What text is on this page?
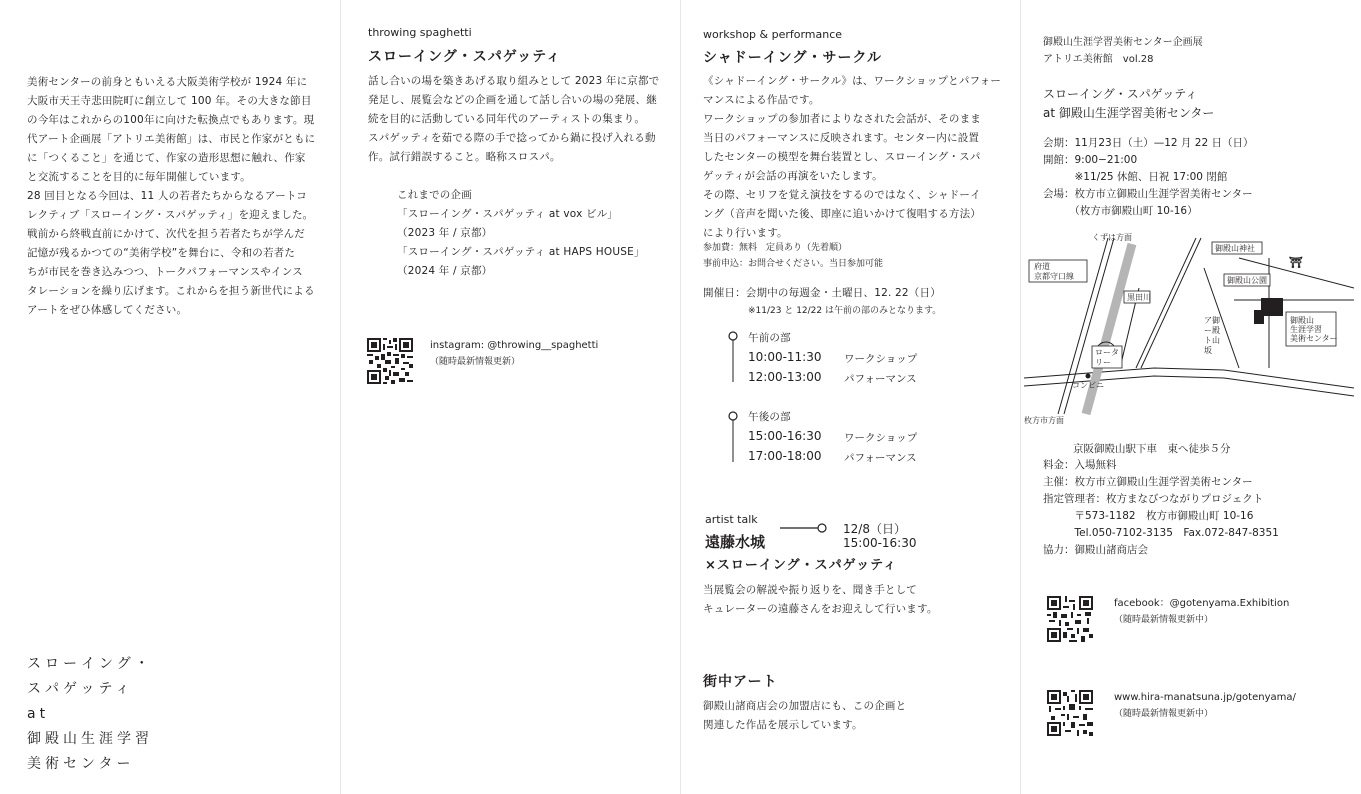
美術センターの前身ともいえる大阪美術学校が 1924 年に
大阪市天王寺悲田院町に創立して 100 年。その大きな節目
の今年はこれからの100年に向けた転換点でもあります。現
代アート企画展「アトリエ美術館」は、市民と作家がともに
に「つくること」を通じて、作家の造形思想に触れ、作家
と交流することを目的に毎年開催しています。
28 回目となる今回は、11 人の若者たちからなるアートコ
レクティブ「スローイング・スパゲッティ」を迎えました。
戦前から終戦直前にかけて、次代を担う若者たちが学んだ
記憶が残るかつての“美術学校”を舞台に、令和の若者た
ちが市民を巻き込みつつ、トークパフォーマンスやインス
タレーションを繰り広げます。これからを担う新世代による
アートをぜひ体感してください。

スローイング・
スパゲッティ
at
御殿山生涯学習
美術センター
throwing spaghetti
スローイング・スパゲッティ

話し合いの場を築きあげる取り組みとして 2023 年に京都で
発足し、展覧会などの企画を通して話し合いの場の発展、継
続を目的に活動している同年代のアーティストの集まり。
スパゲッティを茹でる際の手で捻ってから鍋に投げ入れる動
作。試行錯誤すること。略称スロスパ。

これまでの企画
「スローイング・スパゲッティ at vox ビル」
（2023 年 / 京都）
「スローイング・スパゲッティ at HAPS HOUSE」
（2024 年 / 京都）
instagram: @throwing__spaghetti
（随時最新情報更新）
workshop & performance
シャドーイング・サークル

《シャドーイング・サークル》は、ワークショップとパフォー
マンスによる作品です。
ワークショップの参加者によりなされた会話が、そのまま
当日のパフォーマンスに反映されます。センター内に設置
したセンターの模型を舞台装置とし、スローイング・スパ
ゲッティが会話の再演をいたします。
その際、セリフを覚え演技をするのではなく、シャドーイ
ング（音声を聞いた後、即座に追いかけて復唱する方法）
により行います。

参加費：無料　定員あり（先着順）
事前申込：お問合せください。当日参加可能
開催日：会期中の毎週金・土曜日、12. 22（日）
※11/23 と 12/22 は午前の部のみとなります。
午前の部
10:00-11:30 ワークショップ
12:00-13:00 パフォーマンス
午後の部
15:00-16:30 ワークショップ
17:00-18:00 パフォーマンス
artist talk
12/8（日）
15:00-16:30
遠藤水城
×スローイング・スパゲッティ

当展覧会の解説や振り返りを、聞き手として
キュレーターの遠藤さんをお迎えして行います。

街中アート

御殿山諸商店会の加盟店にも、この企画と
関連した作品を展示しています。

御殿山生涯学習美術センター企画展
アトリエ美術館　vol.28

スローイング・スパゲッティ
at 御殿山生涯学習美術センター

会期：11月23日（土）—12 月 22 日（日）
開館：9:00−21:00
　　　※11/25 休館、日祝 17:00 閉館
会場：枚方市立御殿山生涯学習美術センター
　　　（枚方市御殿山町 10-16）

⛩
府道
京都守口線
くずは方面
黒田川
ロータ
リー
コンビニ
御殿山神社
御殿山公園
ア御
ー殿
ト山
坂
御殿山
生涯学習
美術センター
枚方市方面

京阪御殿山駅下車　東へ徒歩５分

料金：入場無料
主催：枚方市立御殿山生涯学習美術センター
指定管理者：枚方まなびつながりプロジェクト
　　　〒573-1182　枚方市御殿山町 10-16
　　　Tel.050-7102-3135　Fax.072-847-8351
協力：御殿山諸商店会

facebook：@gotenyama.Exhibition
（随時最新情報更新中）
www.hira-manatsuna.jp/gotenyama/
（随時最新情報更新中）
